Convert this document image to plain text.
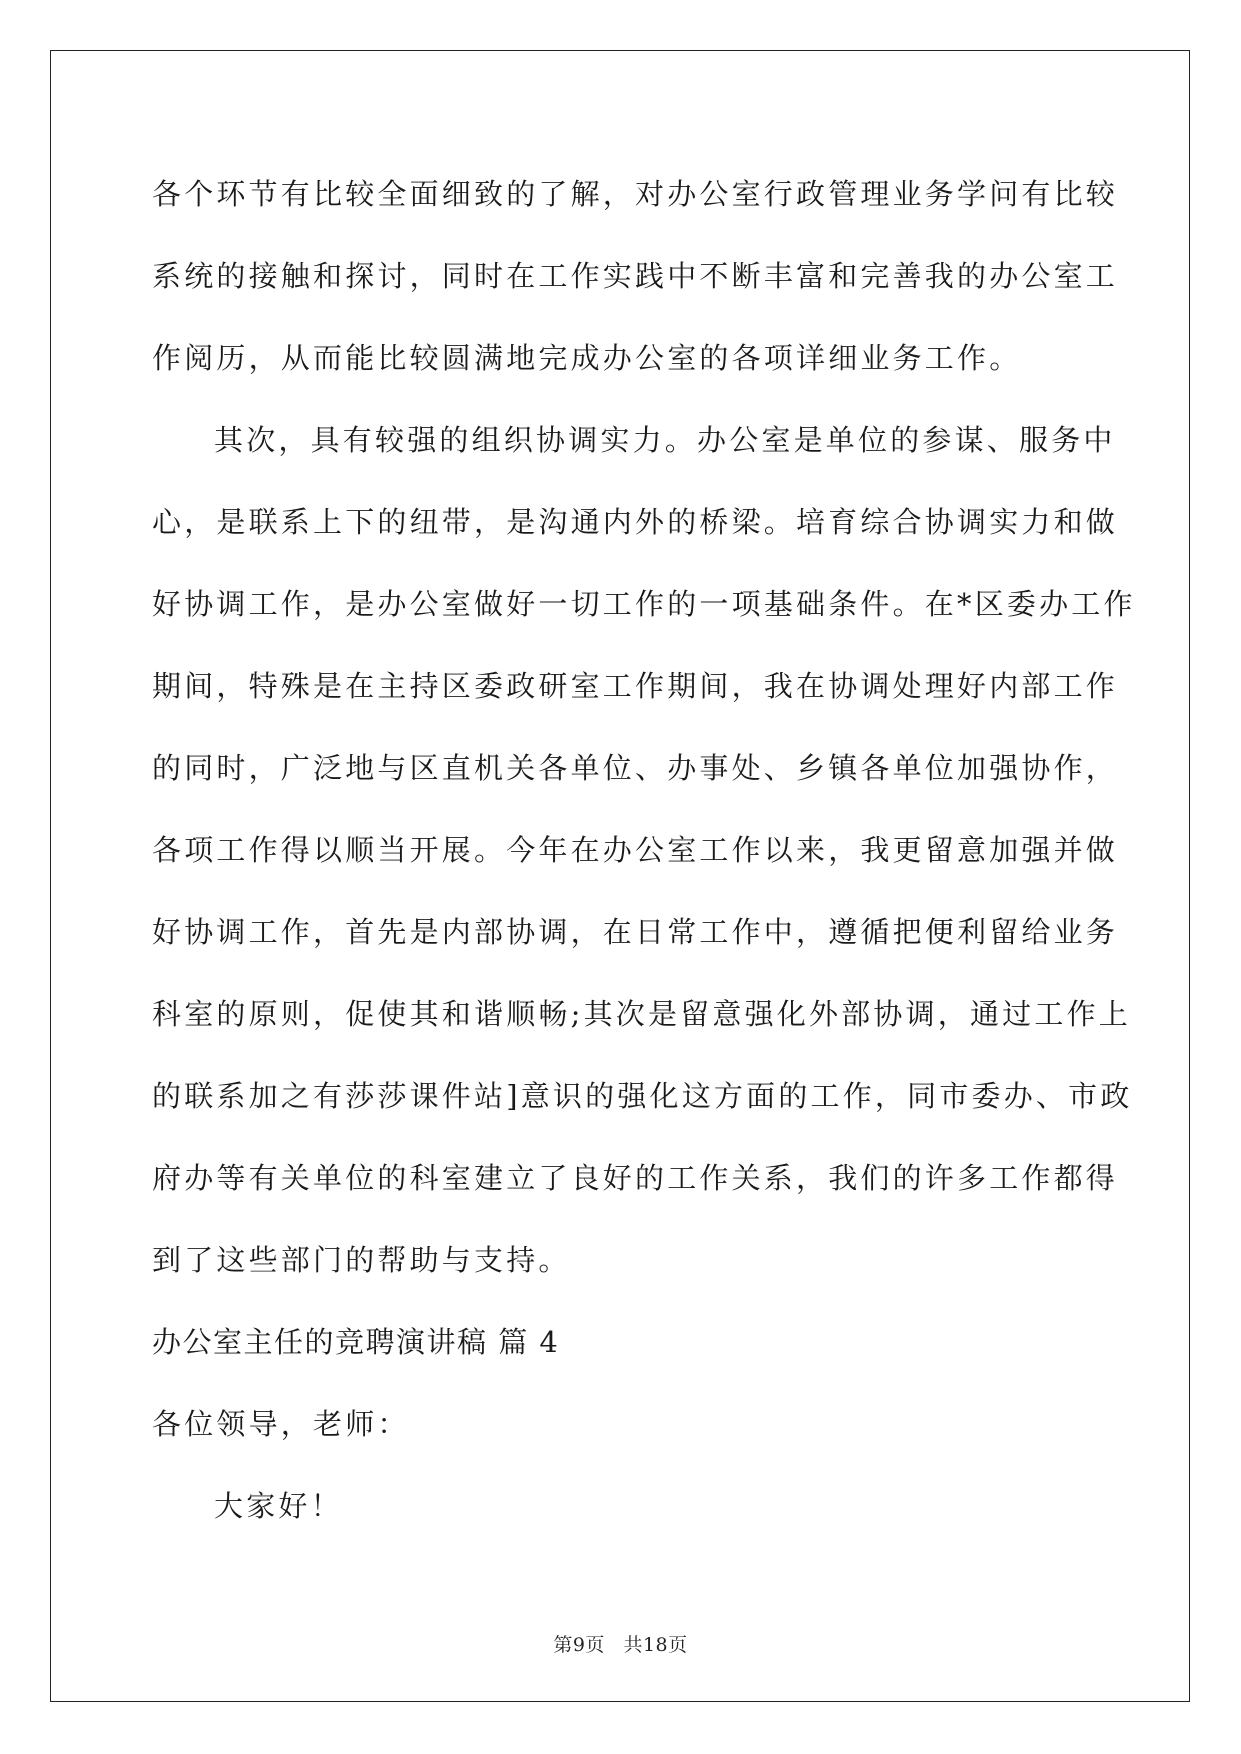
各个环节有比较全面细致的了解，对办公室行政管理业务学问有比较
系统的接触和探讨，同时在工作实践中不断丰富和完善我的办公室工
作阅历，从而能比较圆满地完成办公室的各项详细业务工作。
其次，具有较强的组织协调实力。办公室是单位的参谋、服务中
心，是联系上下的纽带，是沟通内外的桥梁。培育综合协调实力和做
好协调工作，是办公室做好一切工作的一项基础条件。在*区委办工作
期间，特殊是在主持区委政研室工作期间，我在协调处理好内部工作
的同时，广泛地与区直机关各单位、办事处、乡镇各单位加强协作，
各项工作得以顺当开展。今年在办公室工作以来，我更留意加强并做
好协调工作，首先是内部协调，在日常工作中，遵循把便利留给业务
科室的原则，促使其和谐顺畅;其次是留意强化外部协调，通过工作上
的联系加之有莎莎课件站]意识的强化这方面的工作，同市委办、市政
府办等有关单位的科室建立了良好的工作关系，我们的许多工作都得
到了这些部门的帮助与支持。
办公室主任的竞聘演讲稿 篇 4
各位领导，老师：
大家好！
第9页 共18页
